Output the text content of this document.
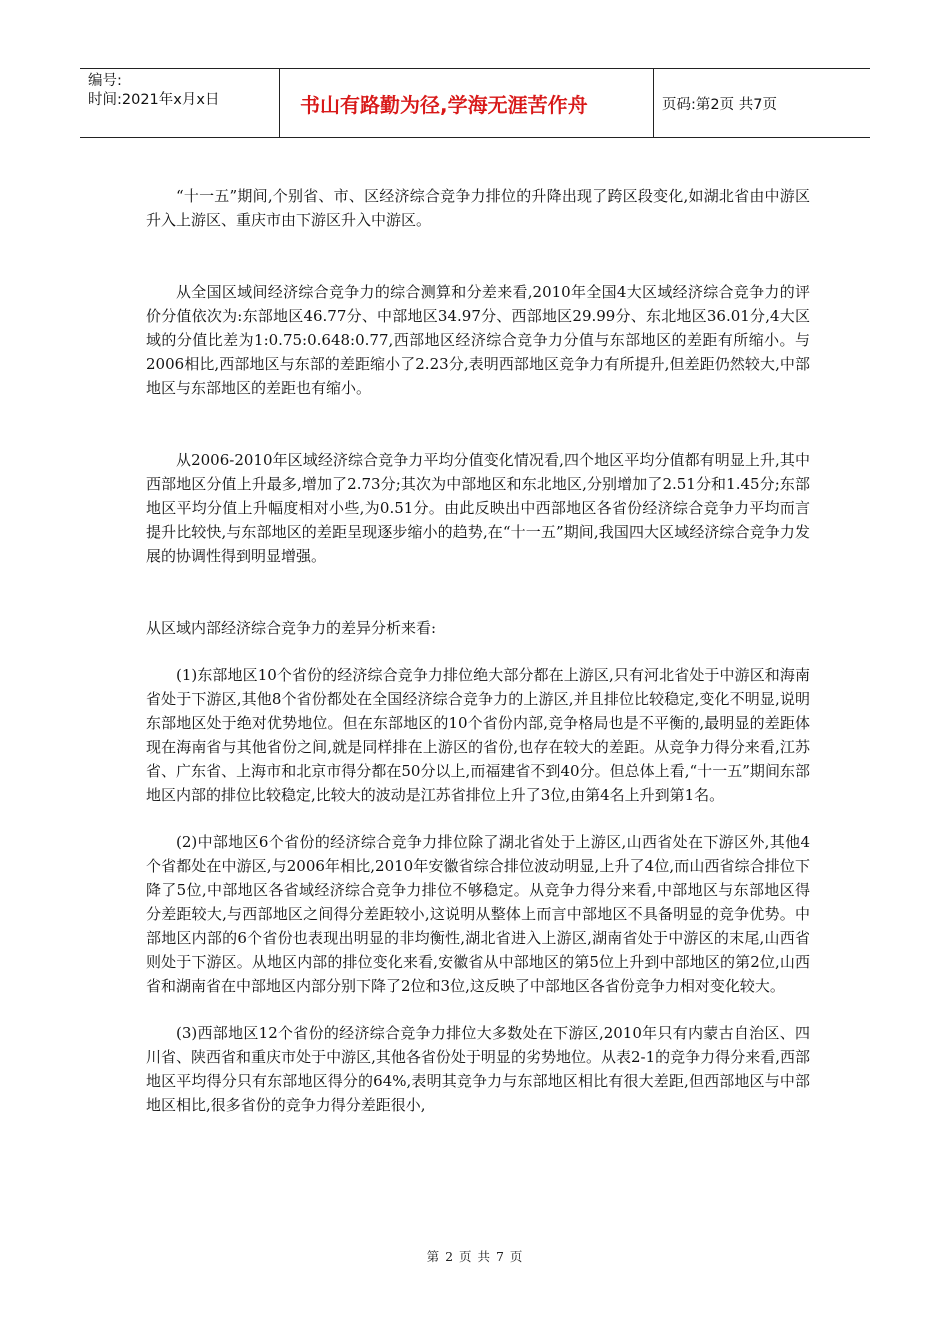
编号:
时间:2021年x月x日	书山有路勤为径,学海无涯苦作舟	页码:第2页 共7页

“十一五”期间,个别省、市、区经济综合竞争力排位的升降出现了跨区段变化,如湖北省由中游区升入上游区、重庆市由下游区升入中游区。

从全国区域间经济综合竞争力的综合测算和分差来看,2010年全国4大区域经济综合竞争力的评价分值依次为:东部地区46.77分、中部地区34.97分、西部地区29.99分、东北地区36.01分,4大区域的分值比差为1:0.75:0.648:0.77,西部地区经济综合竞争力分值与东部地区的差距有所缩小。与2006相比,西部地区与东部的差距缩小了2.23分,表明西部地区竞争力有所提升,但差距仍然较大,中部地区与东部地区的差距也有缩小。

从2006-2010年区域经济综合竞争力平均分值变化情况看,四个地区平均分值都有明显上升,其中西部地区分值上升最多,增加了2.73分;其次为中部地区和东北地区,分别增加了2.51分和1.45分;东部地区平均分值上升幅度相对小些,为0.51分。由此反映出中西部地区各省份经济综合竞争力平均而言提升比较快,与东部地区的差距呈现逐步缩小的趋势,在“十一五”期间,我国四大区域经济综合竞争力发展的协调性得到明显增强。

从区域内部经济综合竞争力的差异分析来看:

(1)东部地区10个省份的经济综合竞争力排位绝大部分都在上游区,只有河北省处于中游区和海南省处于下游区,其他8个省份都处在全国经济综合竞争力的上游区,并且排位比较稳定,变化不明显,说明东部地区处于绝对优势地位。但在东部地区的10个省份内部,竞争格局也是不平衡的,最明显的差距体现在海南省与其他省份之间,就是同样排在上游区的省份,也存在较大的差距。从竞争力得分来看,江苏省、广东省、上海市和北京市得分都在50分以上,而福建省不到40分。但总体上看,“十一五”期间东部地区内部的排位比较稳定,比较大的波动是江苏省排位上升了3位,由第4名上升到第1名。

(2)中部地区6个省份的经济综合竞争力排位除了湖北省处于上游区,山西省处在下游区外,其他4个省都处在中游区,与2006年相比,2010年安徽省综合排位波动明显,上升了4位,而山西省综合排位下降了5位,中部地区各省域经济综合竞争力排位不够稳定。从竞争力得分来看,中部地区与东部地区得分差距较大,与西部地区之间得分差距较小,这说明从整体上而言中部地区不具备明显的竞争优势。中部地区内部的6个省份也表现出明显的非均衡性,湖北省进入上游区,湖南省处于中游区的末尾,山西省则处于下游区。从地区内部的排位变化来看,安徽省从中部地区的第5位上升到中部地区的第2位,山西省和湖南省在中部地区内部分别下降了2位和3位,这反映了中部地区各省份竞争力相对变化较大。

(3)西部地区12个省份的经济综合竞争力排位大多数处在下游区,2010年只有内蒙古自治区、四川省、陕西省和重庆市处于中游区,其他各省份处于明显的劣势地位。从表2-1的竞争力得分来看,西部地区平均得分只有东部地区得分的64%,表明其竞争力与东部地区相比有很大差距,但西部地区与中部地区相比,很多省份的竞争力得分差距很小,

第 2 页 共 7 页
